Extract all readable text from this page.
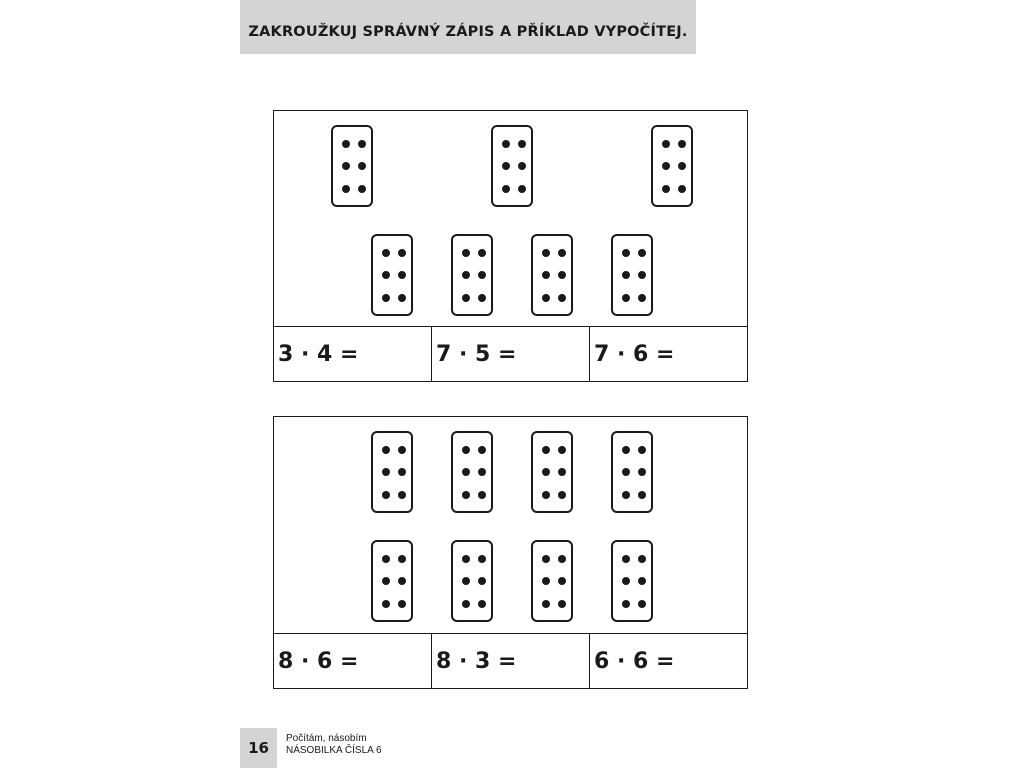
ZAKROUŽKUJ SPRÁVNÝ ZÁPIS A PŘÍKLAD VYPOČÍTEJ.
3 · 4 =	7 · 5 =	7 · 6 =
8 · 6 =	8 · 3 =	6 · 6 =
16
Počítám, násobím
NÁSOBILKA ČÍSLA 6
